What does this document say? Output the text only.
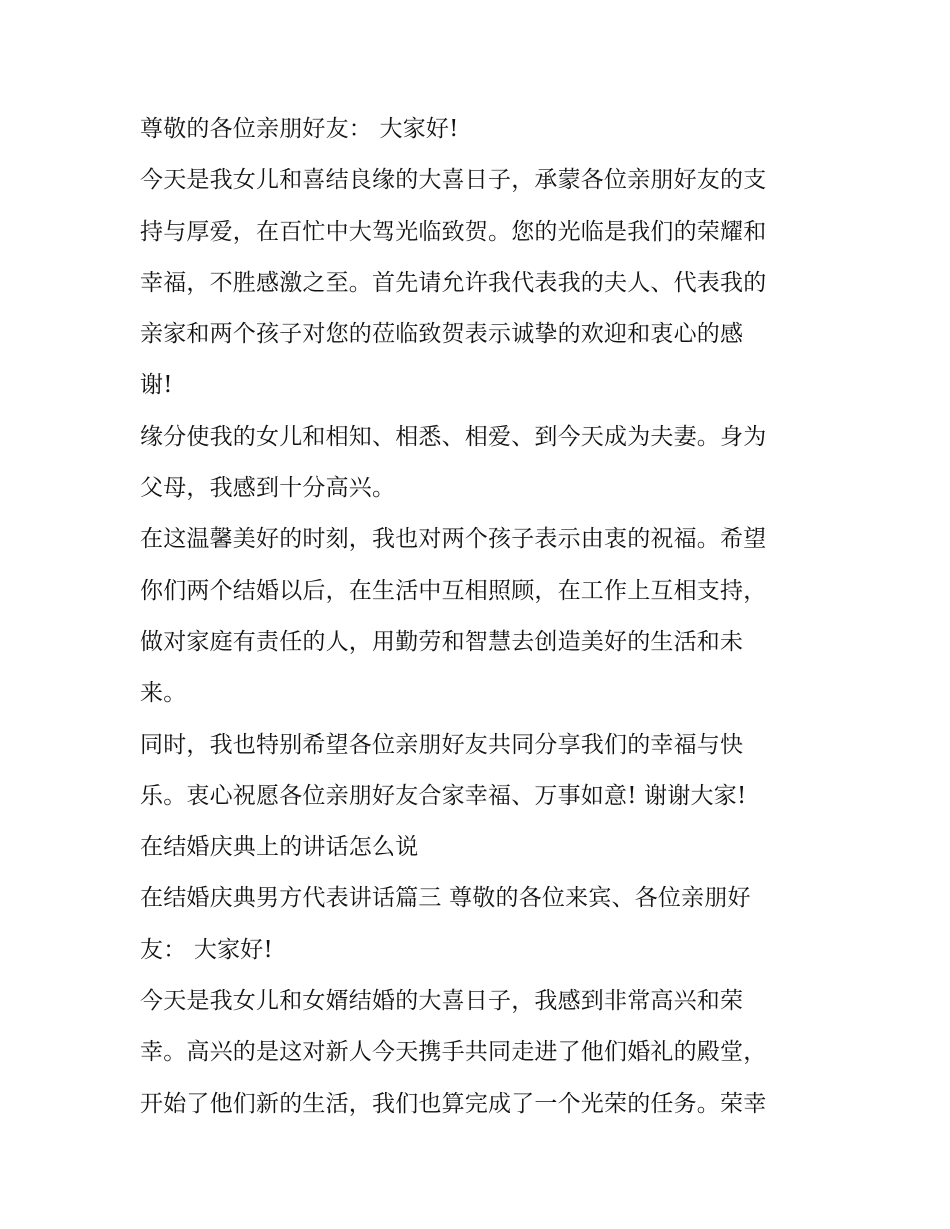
尊敬的各位亲朋好友： 大家好!
今天是我女儿和喜结良缘的大喜日子，承蒙各位亲朋好友的支
持与厚爱，在百忙中大驾光临致贺。您的光临是我们的荣耀和
幸福，不胜感激之至。首先请允许我代表我的夫人、代表我的
亲家和两个孩子对您的莅临致贺表示诚挚的欢迎和衷心的感
谢!
缘分使我的女儿和相知、相悉、相爱、到今天成为夫妻。身为
父母，我感到十分高兴。
在这温馨美好的时刻，我也对两个孩子表示由衷的祝福。希望
你们两个结婚以后，在生活中互相照顾，在工作上互相支持，
做对家庭有责任的人，用勤劳和智慧去创造美好的生活和未
来。
同时，我也特别希望各位亲朋好友共同分享我们的幸福与快
乐。衷心祝愿各位亲朋好友合家幸福、万事如意! 谢谢大家!
在结婚庆典上的讲话怎么说
在结婚庆典男方代表讲话篇三 尊敬的各位来宾、各位亲朋好
友： 大家好!
今天是我女儿和女婿结婚的大喜日子，我感到非常高兴和荣
幸。高兴的是这对新人今天携手共同走进了他们婚礼的殿堂，
开始了他们新的生活，我们也算完成了一个光荣的任务。荣幸
